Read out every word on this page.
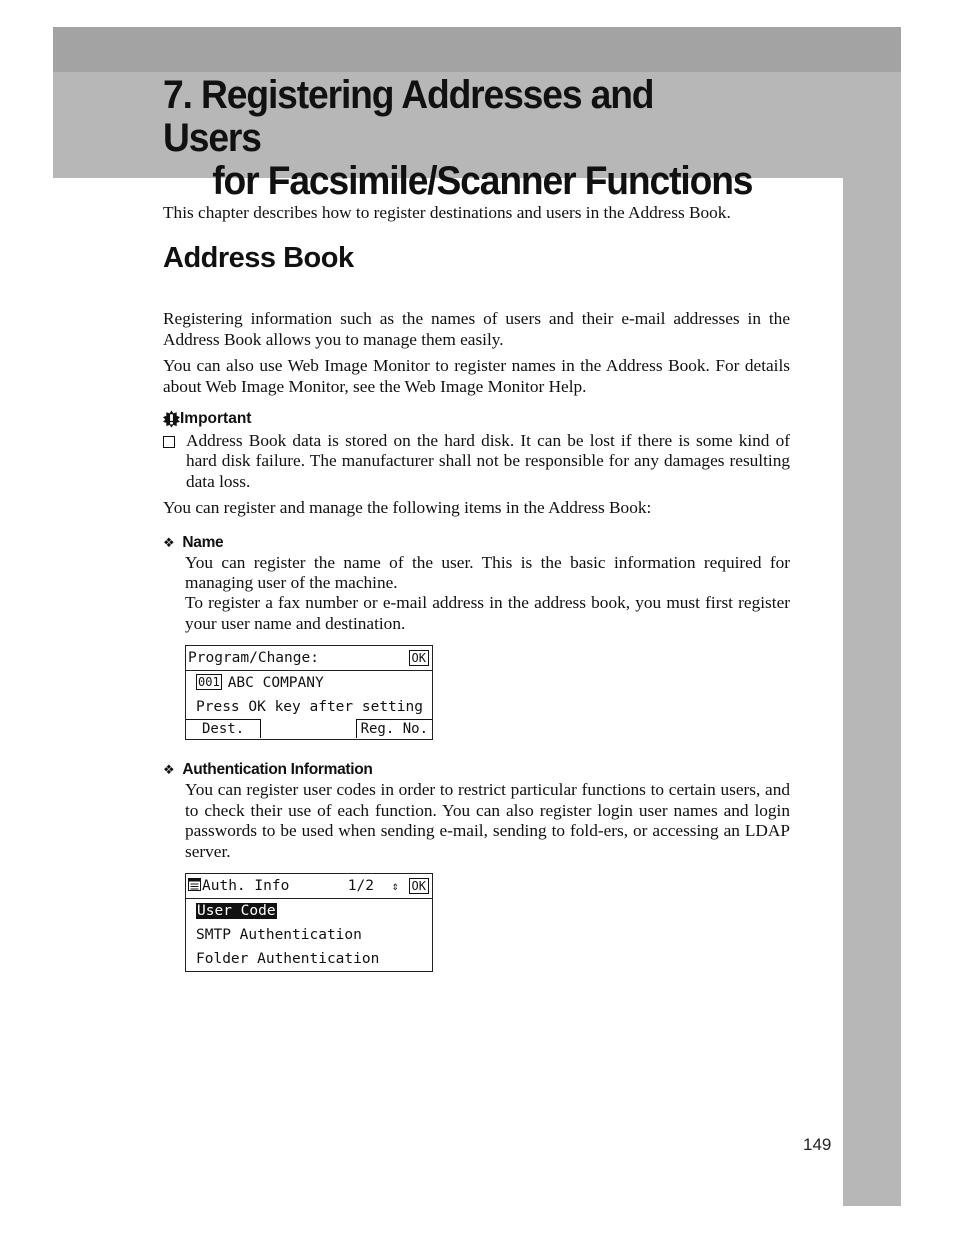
7. Registering Addresses and Users
for Facsimile/Scanner Functions

This chapter describes how to register destinations and users in the Address Book.

Address Book

Registering information such as the names of users and their e-mail addresses in the Address Book allows you to manage them easily.

You can also use Web Image Monitor to register names in the Address Book. For details about Web Image Monitor, see the Web Image Monitor Help.

Important
Address Book data is stored on the hard disk. It can be lost if there is some kind of hard disk failure. The manufacturer shall not be responsible for any damages resulting data loss.

You can register and manage the following items in the Address Book:

❖ Name

You can register the name of the user. This is the basic information required for managing user of the machine.

To register a fax number or e-mail address in the address book, you must first register your user name and destination.

Program/Change:	OK
001 ABC COMPANY
Press OK key after setting
Dest.	Reg. No.
❖ Authentication Information

You can register user codes in order to restrict particular functions to certain users, and to check their use of each function. You can also register login user names and login passwords to be used when sending e-mail, sending to fold-ers, or accessing an LDAP server.

Auth. Info	1/2 ⇕ OK
User Code
SMTP Authentication
Folder Authentication
149
